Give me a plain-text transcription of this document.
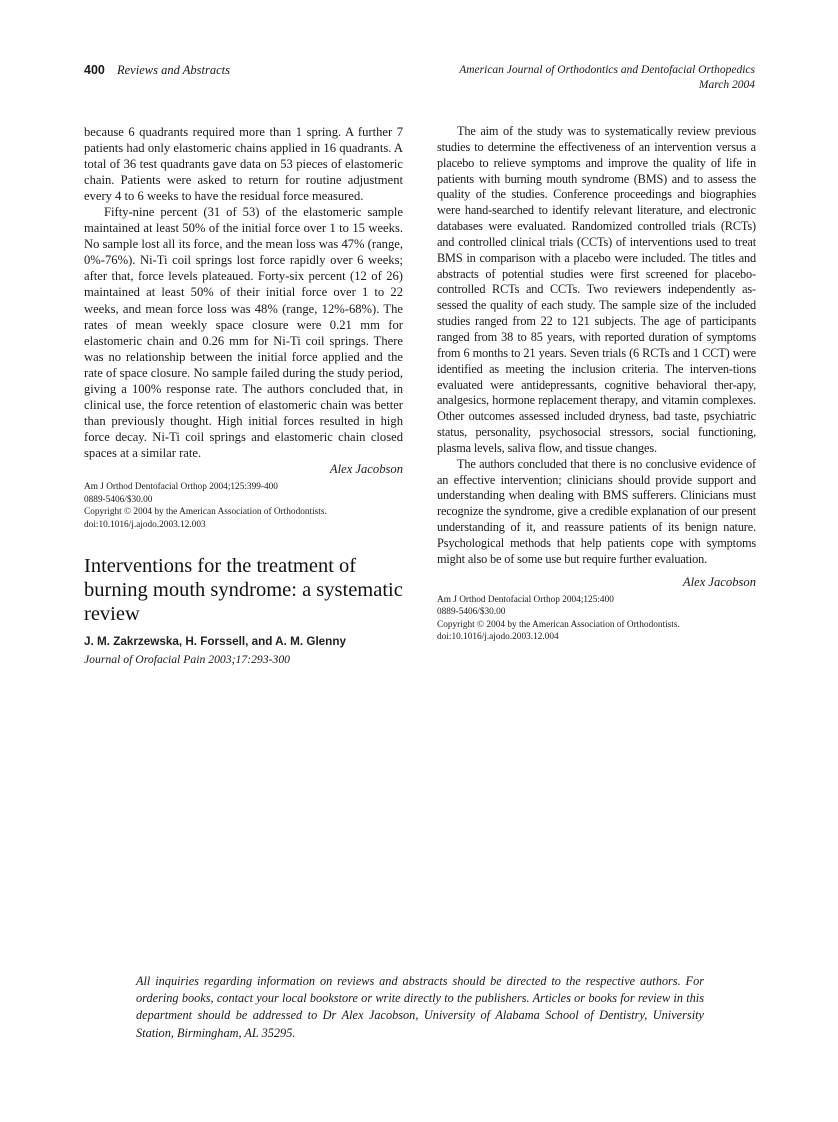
400 Reviews and Abstracts	American Journal of Orthodontics and Dentofacial Orthopedics
March 2004

because 6 quadrants required more than 1 spring. A further 7 patients had only elastomeric chains applied in 16 quadrants. A total of 36 test quadrants gave data on 53 pieces of elastomeric chain. Patients were asked to return for routine adjustment every 4 to 6 weeks to have the residual force measured.

Fifty-nine percent (31 of 53) of the elastomeric sample maintained at least 50% of the initial force over 1 to 15 weeks. No sample lost all its force, and the mean loss was 47% (range, 0%-76%). Ni-Ti coil springs lost force rapidly over 6 weeks; after that, force levels plateaued. Forty-six percent (12 of 26) maintained at least 50% of their initial force over 1 to 22 weeks, and mean force loss was 48% (range, 12%-68%). The rates of mean weekly space closure were 0.21 mm for elastomeric chain and 0.26 mm for Ni-Ti coil springs. There was no relationship between the initial force applied and the rate of space closure. No sample failed during the study period, giving a 100% response rate. The authors concluded that, in clinical use, the force retention of elastomeric chain was better than previously thought. High initial forces resulted in high force decay. Ni-Ti coil springs and elastomeric chain closed spaces at a similar rate.

Alex Jacobson

Am J Orthod Dentofacial Orthop 2004;125:399-400
0889-5406/$30.00
Copyright © 2004 by the American Association of Orthodontists.
doi:10.1016/j.ajodo.2003.12.003
Interventions for the treatment of burning mouth syndrome: a systematic review
J. M. Zakrzewska, H. Forssell, and A. M. Glenny
Journal of Orofacial Pain 2003;17:293-300

The aim of the study was to systematically review previous studies to determine the effectiveness of an intervention versus a placebo to relieve symptoms and improve the quality of life in patients with burning mouth syndrome (BMS) and to assess the quality of the studies. Conference proceedings and biographies were hand-searched to identify relevant literature, and electronic databases were evaluated. Randomized controlled trials (RCTs) and controlled clinical trials (CCTs) of interventions used to treat BMS in comparison with a placebo were included. The titles and abstracts of potential studies were first screened for placebo-controlled RCTs and CCTs. Two reviewers independently as-sessed the quality of each study. The sample size of the included studies ranged from 22 to 121 subjects. The age of participants ranged from 38 to 85 years, with reported duration of symptoms from 6 months to 21 years. Seven trials (6 RCTs and 1 CCT) were identified as meeting the inclusion criteria. The interven-tions evaluated were antidepressants, cognitive behavioral ther-apy, analgesics, hormone replacement therapy, and vitamin complexes. Other outcomes assessed included dryness, bad taste, psychiatric status, personality, psychosocial stressors, social functioning, plasma levels, saliva flow, and tissue changes.

The authors concluded that there is no conclusive evidence of an effective intervention; clinicians should provide support and understanding when dealing with BMS sufferers. Clinicians must recognize the syndrome, give a credible explanation of our present understanding of it, and reassure patients of its benign nature. Psychological methods that help patients cope with symptoms might also be of some use but require further evaluation.

Alex Jacobson

Am J Orthod Dentofacial Orthop 2004;125:400
0889-5406/$30.00
Copyright © 2004 by the American Association of Orthodontists.
doi:10.1016/j.ajodo.2003.12.004
All inquiries regarding information on reviews and abstracts should be directed to the respective authors. For ordering books, contact your local bookstore or write directly to the publishers. Articles or books for review in this department should be addressed to Dr Alex Jacobson, University of Alabama School of Dentistry, University Station, Birmingham, AL 35295.
